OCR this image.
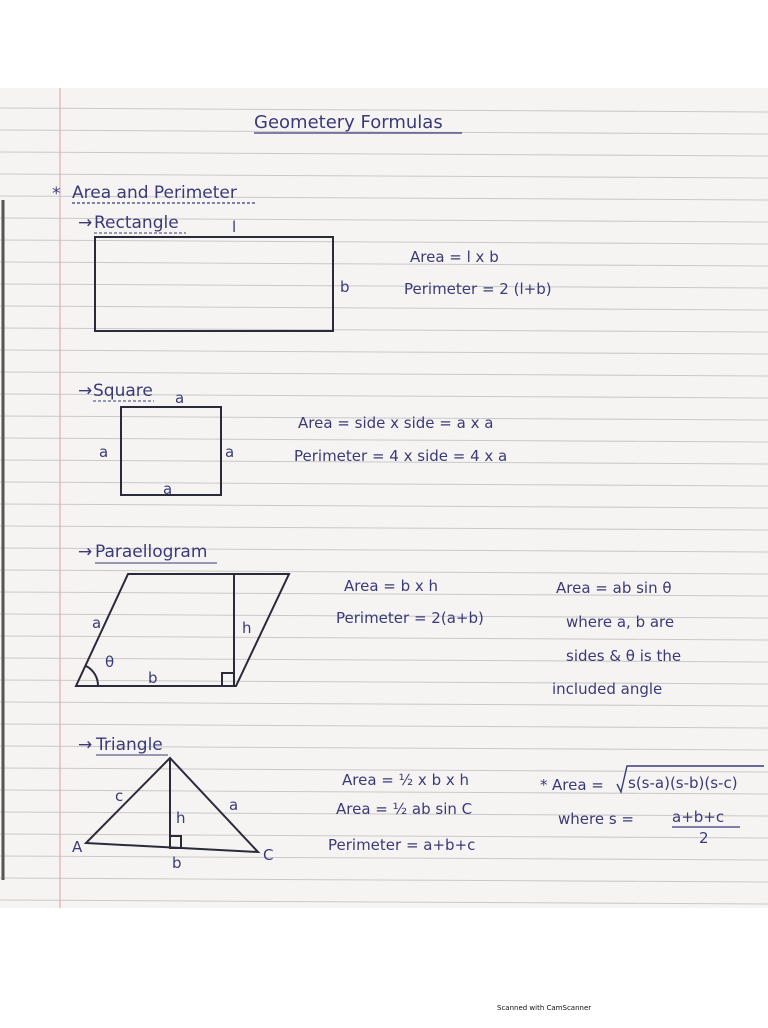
Geometery Formulas
* Area and Perimeter
→ Rectangle	l
b
Area = l x b
Perimeter = 2 (l+b)
→ Square a
a	a
a
Area = side x side = a x a
Perimeter = 4 x side = 4 x a
→ Paraellogram
a
θ
b
h
Area = b x h
Perimeter = 2(a+b)
Area = ab sin θ
where a, b are
sides & θ is the
included angle
→ Triangle
c	a
h
b
A	C
Area = ½ x b x h
Area = ½ ab sin C
Perimeter = a+b+c
* Area = s(s-a)(s-b)(s-c)
where s =	a+b+c
2
Scanned with CamScanner
